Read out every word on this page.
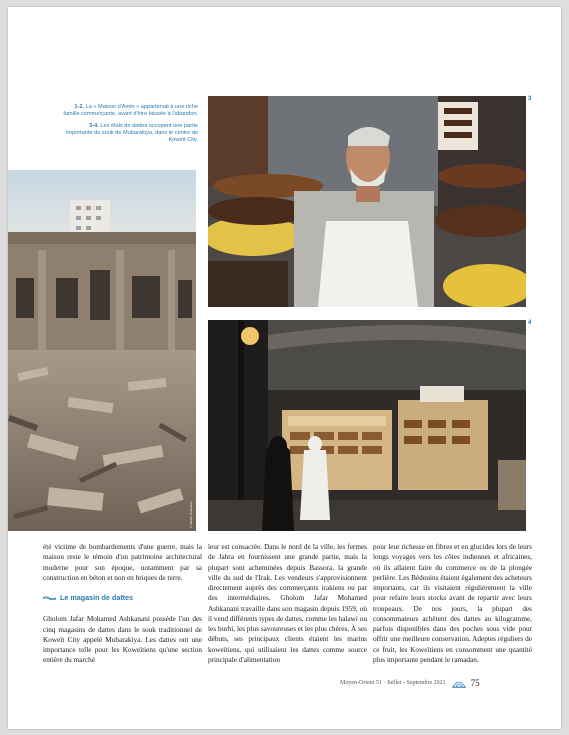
1-2. La « Maison d'Amin » appartenait à une riche famille commerçante, avant d'être laissée à l'abandon.

3-4. Les étals de dattes occupent une partie importante du souk de Mubarakiya, dans le centre de Koweït City.

© Wildan Dubaikhar
3
4

été victime de bombardements d'une guerre, mais la maison reste le témoin d'un patrimoine architectural moderne pour son époque, notamment par sa construction en béton et non en briques de terre.

Le magasin de dattes

Gholom Jafar Mohamed Ashkanani possède l'un des cinq magasins de dattes dans le souk traditionnel de Koweït City appelé Mubarakiya. Les dattes ont une importance telle pour les Koweïtiens qu'une section entière du marché

leur est consacrée. Dans le nord de la ville, les fermes de Jahra en fournissent une grande partie, mais la plupart sont acheminées depuis Bassora, la grande ville du sud de l'Irak. Les vendeurs s'approvisionnent directement auprès des commerçants irakiens ou par des intermédiaires. Gholom Jafar Mohamed Ashkanani travaille dans son magasin depuis 1959, où il vend différents types de dattes, comme les halawi ou les burhi, les plus savoureuses et les plus chères. À ses débuts, ses principaux clients étaient les marins koweïtiens, qui utilisaient les dattes comme source principale d'alimentation

pour leur richesse en fibres et en glucides lors de leurs longs voyages vers les côtes indiennes et africaines, où ils allaient faire du commerce ou de la plongée perlière. Les Bédouins étaient également des acheteurs importants, car ils visitaient régulièrement la ville pour refaire leurs stocks avant de repartir avec leurs troupeaux. De nos jours, la plupart des consommateurs achètent des dattes au kilogramme, parfois disponibles dans des poches sous vide pour offrir une meilleure conservation. Adeptes réguliers de ce fruit, les Koweïtiens en consomment une quantité plus importante pendant le ramadan.

Moyen-Orient 51 · Juillet - Septembre 2021	75
